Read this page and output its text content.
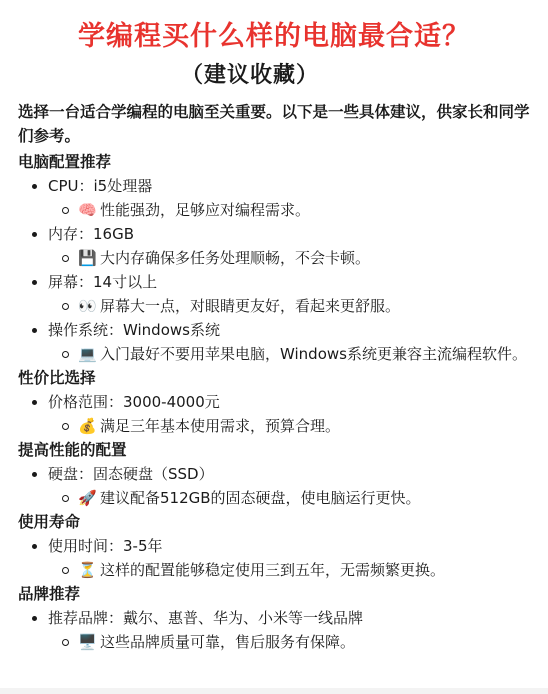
学编程买什么样的电脑最合适？
（建议收藏）

选择一台适合学编程的电脑至关重要。以下是一些具体建议，供家长和同学们参考。

电脑配置推荐
CPU：i5处理器
🧠 性能强劲，足够应对编程需求。
内存：16GB
💾 大内存确保多任务处理顺畅，不会卡顿。
屏幕：14寸以上
👀 屏幕大一点，对眼睛更友好，看起来更舒服。
操作系统：Windows系统
💻 入门最好不要用苹果电脑，Windows系统更兼容主流编程软件。
性价比选择
价格范围：3000-4000元
💰 满足三年基本使用需求，预算合理。
提高性能的配置
硬盘：固态硬盘（SSD）
🚀 建议配备512GB的固态硬盘，使电脑运行更快。
使用寿命
使用时间：3-5年
⏳ 这样的配置能够稳定使用三到五年，无需频繁更换。
品牌推荐
推荐品牌：戴尔、惠普、华为、小米等一线品牌
🖥️ 这些品牌质量可靠，售后服务有保障。
